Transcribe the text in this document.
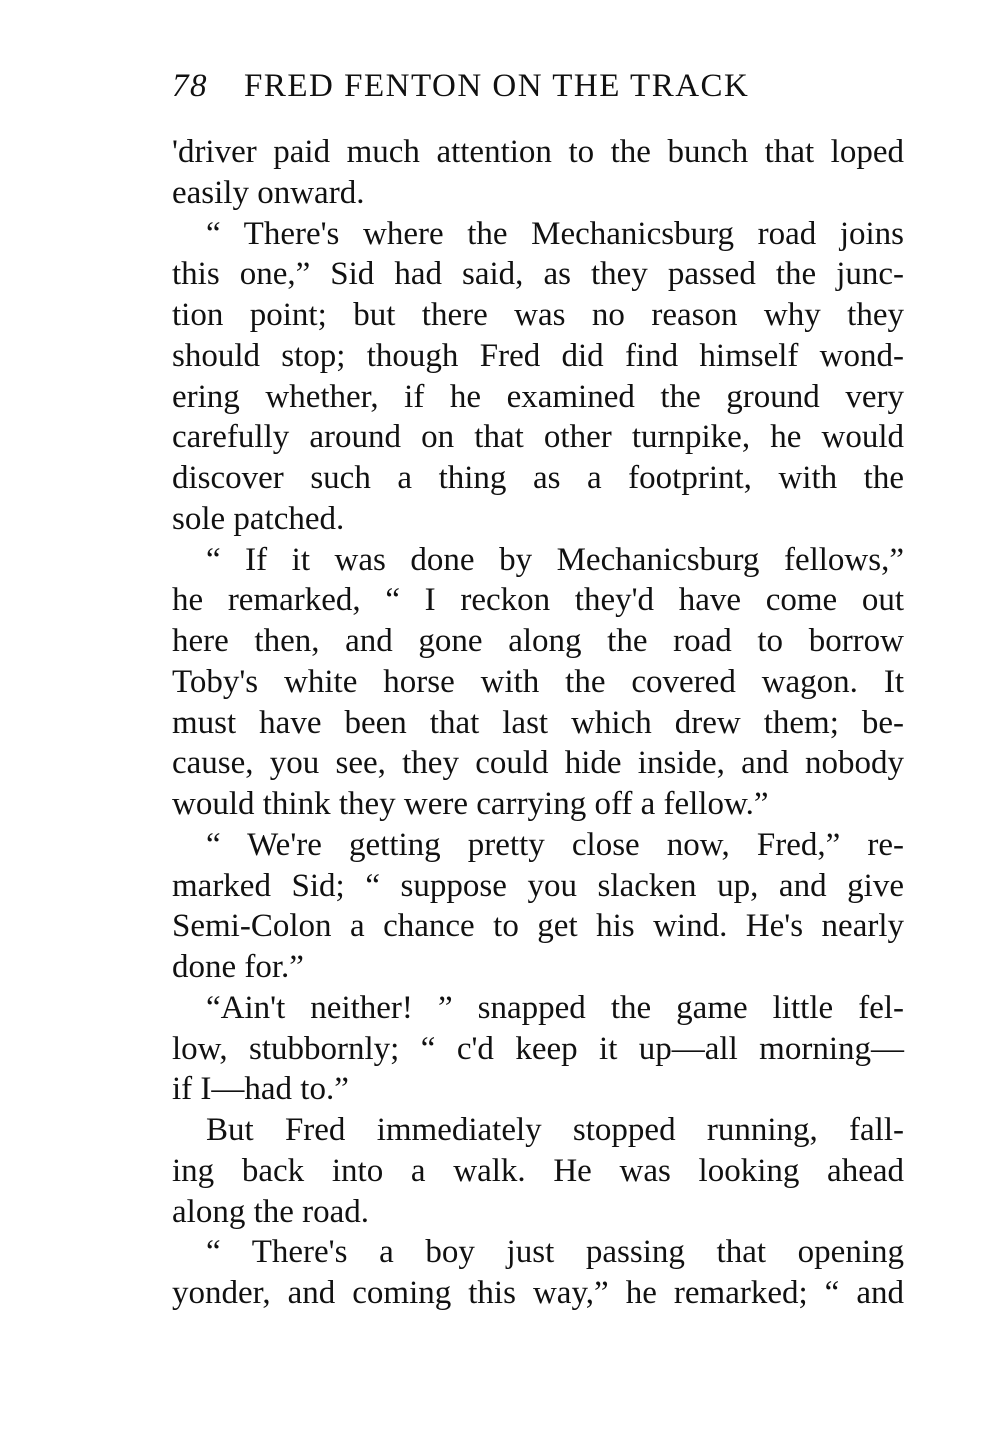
78 FRED FENTON ON THE TRACK
'driver paid much attention to the bunch that loped
easily onward.
“ There's where the Mechanicsburg road joins
this one,” Sid had said, as they passed the junc-
tion point; but there was no reason why they
should stop; though Fred did find himself wond-
ering whether, if he examined the ground very
carefully around on that other turnpike, he would
discover such a thing as a footprint, with the
sole patched.
“ If it was done by Mechanicsburg fellows,”
he remarked, “ I reckon they'd have come out
here then, and gone along the road to borrow
Toby's white horse with the covered wagon. It
must have been that last which drew them; be-
cause, you see, they could hide inside, and nobody
would think they were carrying off a fellow.”
“ We're getting pretty close now, Fred,” re-
marked Sid; “ suppose you slacken up, and give
Semi-Colon a chance to get his wind. He's nearly
done for.”
“Ain't neither! ” snapped the game little fel-
low, stubbornly; “ c'd keep it up—all morning—
if I—had to.”
But Fred immediately stopped running, fall-
ing back into a walk. He was looking ahead
along the road.
“ There's a boy just passing that opening
yonder, and coming this way,” he remarked; “ and
